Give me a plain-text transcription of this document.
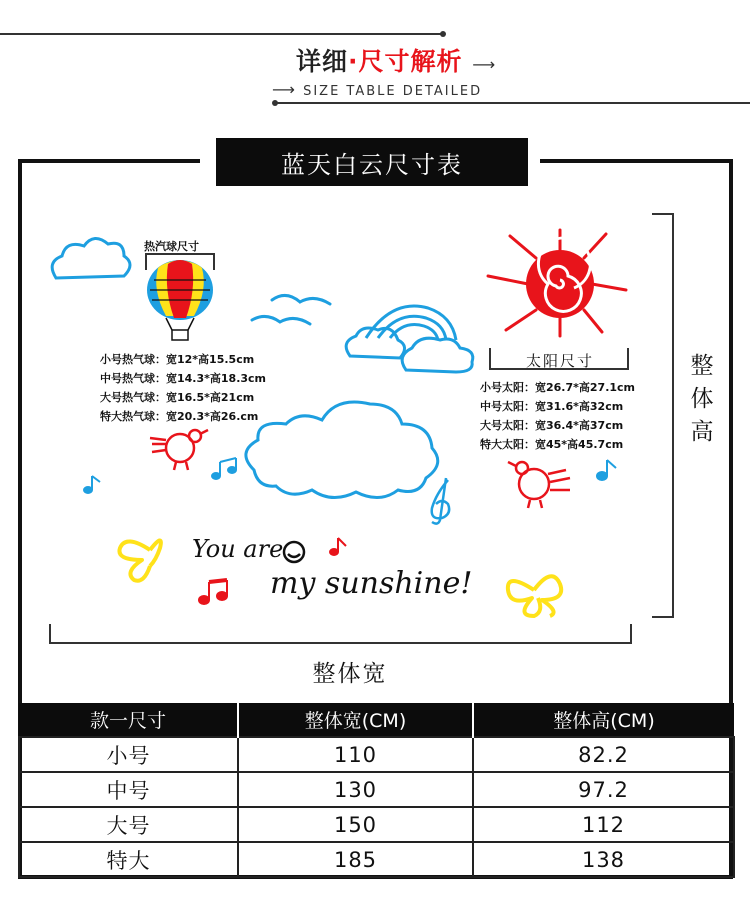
详细·尺寸解析 ⟶
⟶ SIZE TABLE DETAILED
蓝天白云尺寸表
热汽球尺寸
小号热气球：宽12*高15.5cm
中号热气球：宽14.3*高18.3cm
大号热气球：宽16.5*高21cm
特大热气球：宽20.3*高26.cm
太阳尺寸
小号太阳：宽26.7*高27.1cm
中号太阳：宽31.6*高32cm
大号太阳：宽36.4*高37cm
特大太阳：宽45*高45.7cm
You are
my sunshine!
整体高
整体宽
款一尺寸	整体宽(CM)	整体高(CM)
小号	110	82.2
中号	130	97.2
大号	150	112
特大	185	138
